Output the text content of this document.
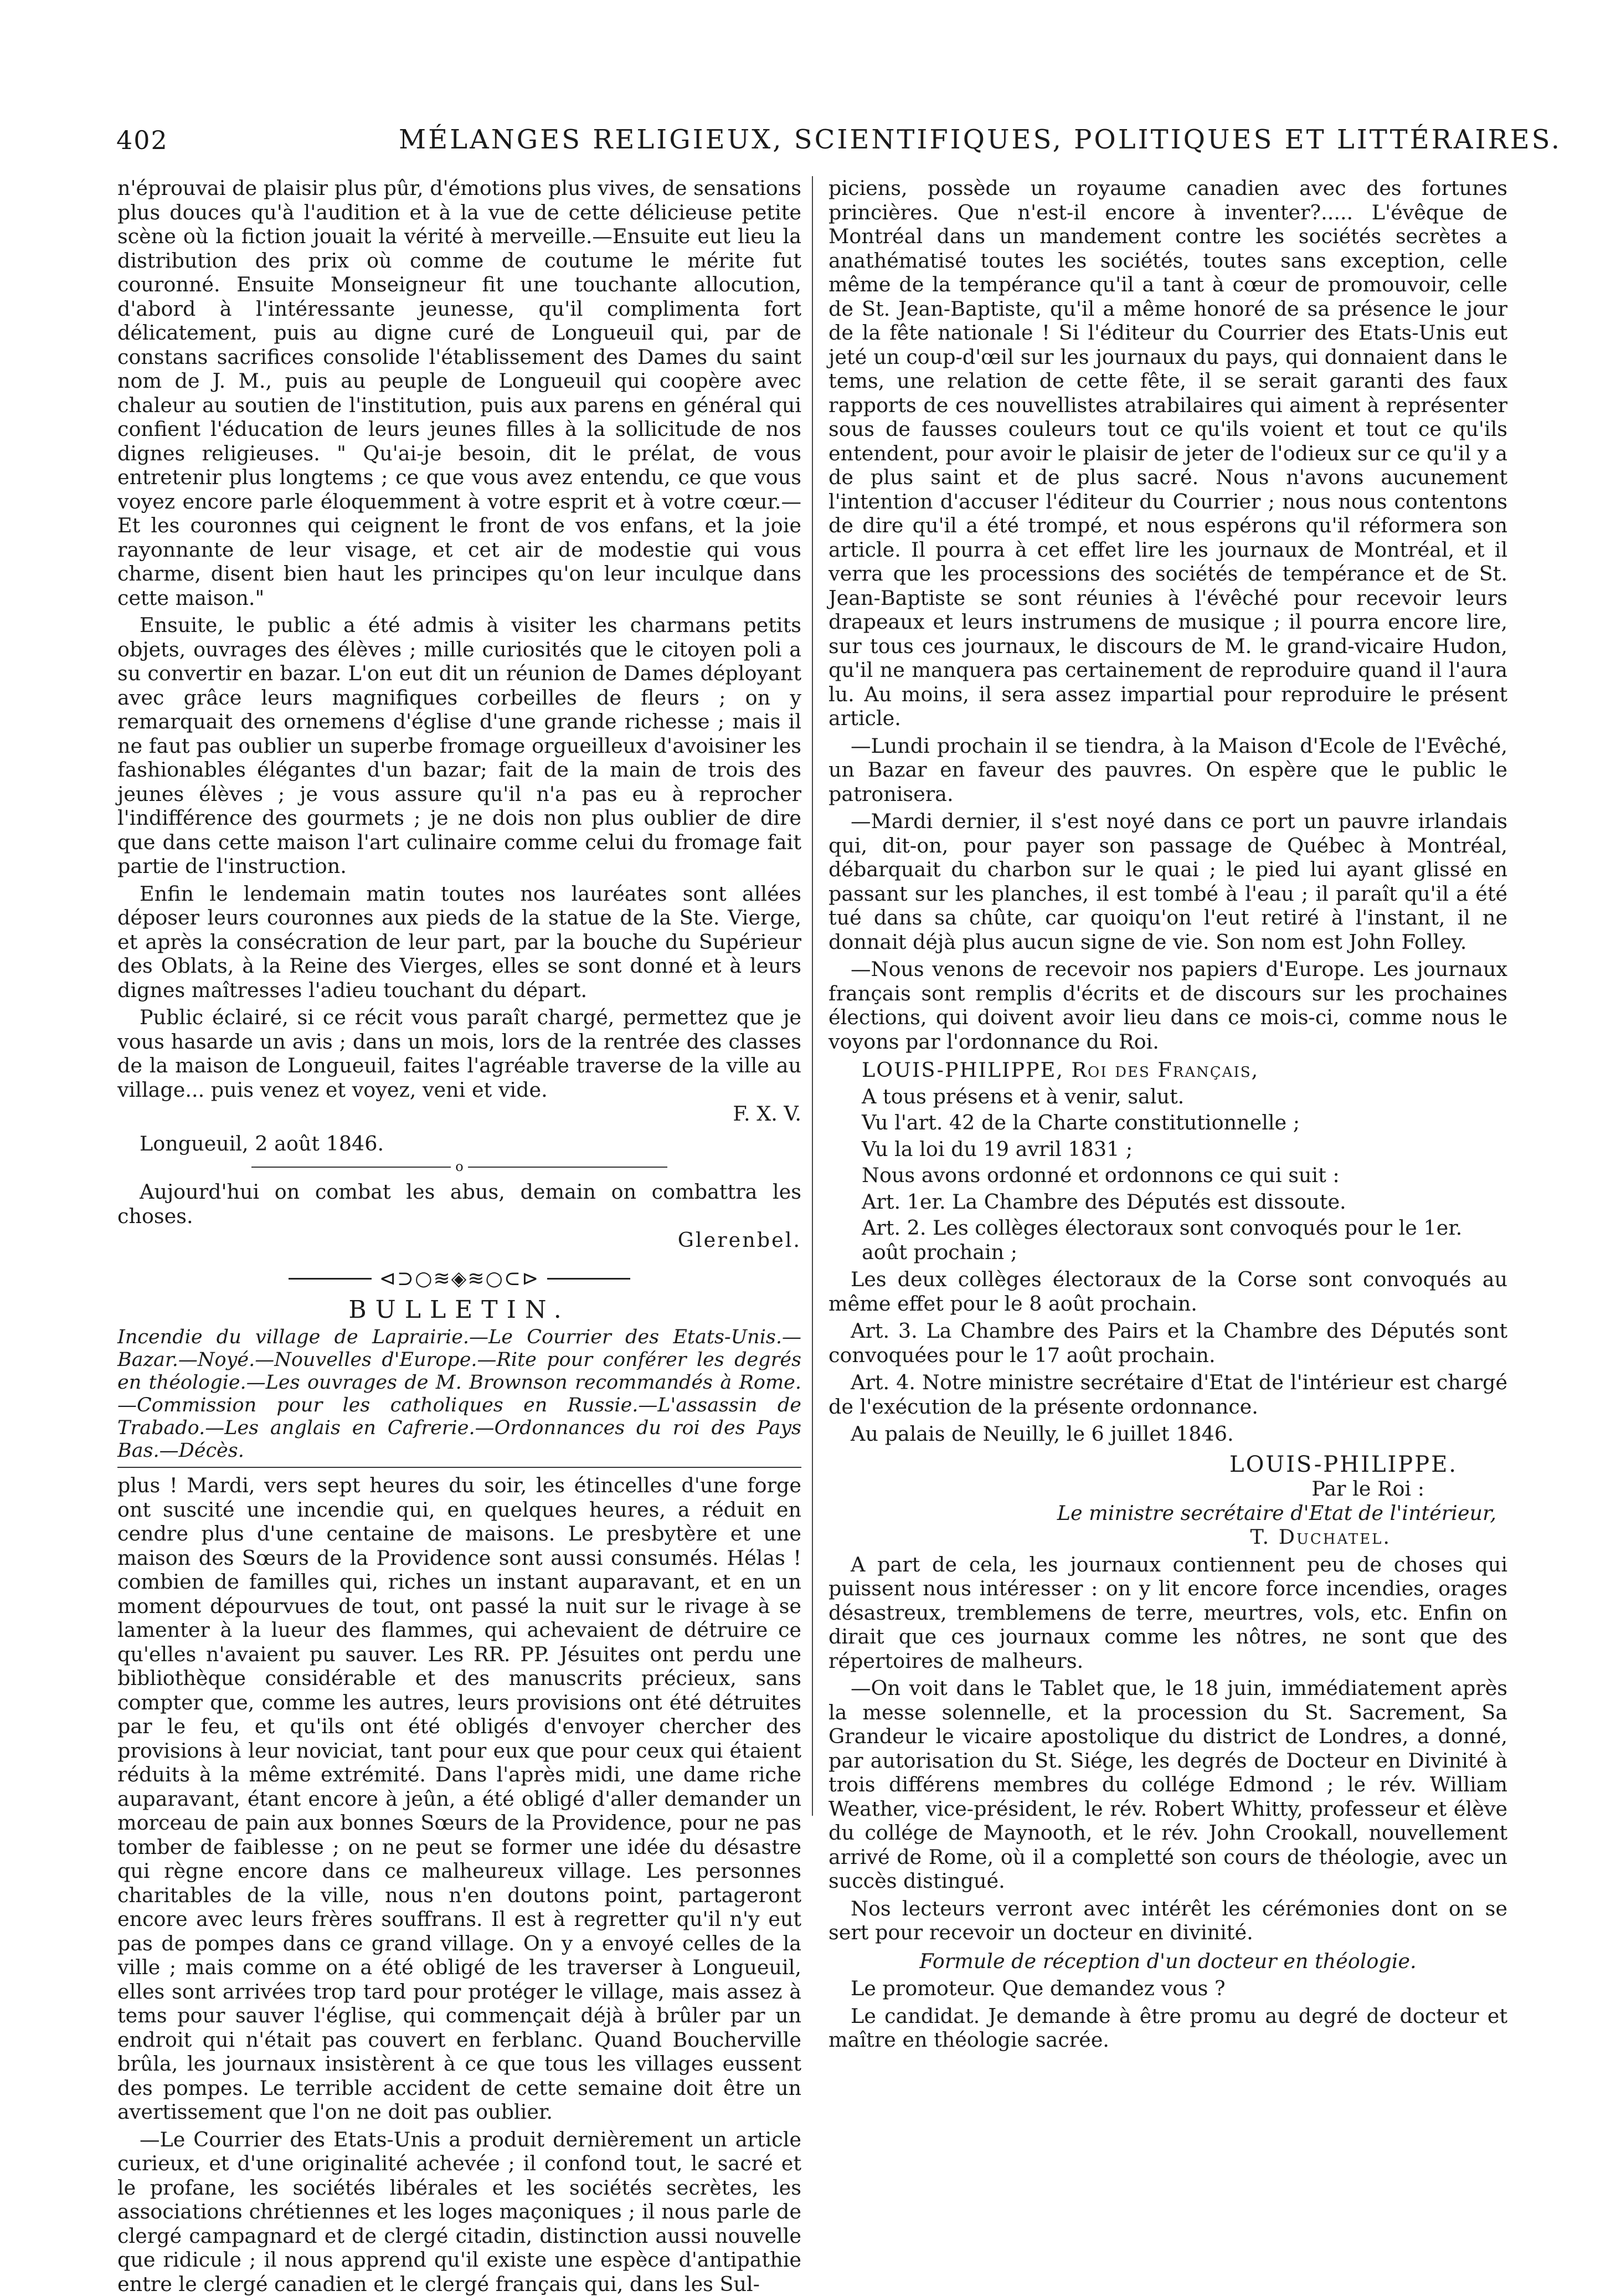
402	MÉLANGES RELIGIEUX, SCIENTIFIQUES, POLITIQUES ET LITTÉRAIRES.

n'éprouvai de plaisir plus pûr, d'émotions plus vives, de sensations plus douces qu'à l'audition et à la vue de cette délicieuse petite scène où la fiction jouait la vérité à merveille.—Ensuite eut lieu la distribution des prix où comme de coutume le mérite fut couronné. Ensuite Monseigneur fit une touchante allocution, d'abord à l'intéressante jeunesse, qu'il complimenta fort délicatement, puis au digne curé de Longueuil qui, par de constans sacrifices consolide l'établissement des Dames du saint nom de J. M., puis au peuple de Longueuil qui coopère avec chaleur au soutien de l'institution, puis aux parens en général qui confient l'éducation de leurs jeunes filles à la sollicitude de nos dignes religieuses. " Qu'ai-je besoin, dit le prélat, de vous entretenir plus longtems ; ce que vous avez entendu, ce que vous voyez encore parle éloquemment à votre esprit et à votre cœur.—Et les couronnes qui ceignent le front de vos enfans, et la joie rayonnante de leur visage, et cet air de modestie qui vous charme, disent bien haut les principes qu'on leur inculque dans cette maison."

Ensuite, le public a été admis à visiter les charmans petits objets, ouvrages des élèves ; mille curiosités que le citoyen poli a su convertir en bazar. L'on eut dit un réunion de Dames déployant avec grâce leurs magnifiques corbeilles de fleurs ; on y remarquait des ornemens d'église d'une grande richesse ; mais il ne faut pas oublier un superbe fromage orgueilleux d'avoisiner les fashionables élégantes d'un bazar; fait de la main de trois des jeunes élèves ; je vous assure qu'il n'a pas eu à reprocher l'indifférence des gourmets ; je ne dois non plus oublier de dire que dans cette maison l'art culinaire comme celui du fromage fait partie de l'instruction.

Enfin le lendemain matin toutes nos lauréates sont allées déposer leurs couronnes aux pieds de la statue de la Ste. Vierge, et après la consécration de leur part, par la bouche du Supérieur des Oblats, à la Reine des Vierges, elles se sont donné et à leurs dignes maîtresses l'adieu touchant du départ.

Public éclairé, si ce récit vous paraît chargé, permettez que je vous hasarde un avis ; dans un mois, lors de la rentrée des classes de la maison de Longueuil, faites l'agréable traverse de la ville au village... puis venez et voyez, veni et vide.

F. X. V.

Longueuil, 2 août 1846.

o

Aujourd'hui on combat les abus, demain on combattra les choses.

Glerenbel.

⊲⊃○≋◈≋○⊂⊳
BULLETIN.

Incendie du village de Laprairie.—Le Courrier des Etats-Unis.—Bazar.—Noyé.—Nouvelles d'Europe.—Rite pour conférer les degrés en théologie.—Les ouvrages de M. Brownson recommandés à Rome.—Commission pour les catholiques en Russie.—L'assassin de Trabado.—Les anglais en Cafrerie.—Ordonnances du roi des Pays Bas.—Décès.

plus ! Mardi, vers sept heures du soir, les étincelles d'une forge ont suscité une incendie qui, en quelques heures, a réduit en cendre plus d'une centaine de maisons. Le presbytère et une maison des Sœurs de la Providence sont aussi consumés. Hélas ! combien de familles qui, riches un instant auparavant, et en un moment dépourvues de tout, ont passé la nuit sur le rivage à se lamenter à la lueur des flammes, qui achevaient de détruire ce qu'elles n'avaient pu sauver. Les RR. PP. Jésuites ont perdu une bibliothèque considérable et des manuscrits précieux, sans compter que, comme les autres, leurs provisions ont été détruites par le feu, et qu'ils ont été obligés d'envoyer chercher des provisions à leur noviciat, tant pour eux que pour ceux qui étaient réduits à la même extrémité. Dans l'après midi, une dame riche auparavant, étant encore à jeûn, a été obligé d'aller demander un morceau de pain aux bonnes Sœurs de la Providence, pour ne pas tomber de faiblesse ; on ne peut se former une idée du désastre qui règne encore dans ce malheureux village. Les personnes charitables de la ville, nous n'en doutons point, partageront encore avec leurs frères souffrans. Il est à regretter qu'il n'y eut pas de pompes dans ce grand village. On y a envoyé celles de la ville ; mais comme on a été obligé de les traverser à Longueuil, elles sont arrivées trop tard pour protéger le village, mais assez à tems pour sauver l'église, qui commençait déjà à brûler par un endroit qui n'était pas couvert en ferblanc. Quand Boucherville brûla, les journaux insistèrent à ce que tous les villages eussent des pompes. Le terrible accident de cette semaine doit être un avertissement que l'on ne doit pas oublier.

—Le Courrier des Etats-Unis a produit dernièrement un article curieux, et d'une originalité achevée ; il confond tout, le sacré et le profane, les sociétés libérales et les sociétés secrètes, les associations chrétiennes et les loges maçoniques ; il nous parle de clergé campagnard et de clergé citadin, distinction aussi nouvelle que ridicule ; il nous apprend qu'il existe une espèce d'antipathie entre le clergé canadien et le clergé français qui, dans les Sul-

piciens, possède un royaume canadien avec des fortunes princières. Que n'est-il encore à inventer?..... L'évêque de Montréal dans un mandement contre les sociétés secrètes a anathématisé toutes les sociétés, toutes sans exception, celle même de la tempérance qu'il a tant à cœur de promouvoir, celle de St. Jean-Baptiste, qu'il a même honoré de sa présence le jour de la fête nationale ! Si l'éditeur du Courrier des Etats-Unis eut jeté un coup-d'œil sur les journaux du pays, qui donnaient dans le tems, une relation de cette fête, il se serait garanti des faux rapports de ces nouvellistes atrabilaires qui aiment à représenter sous de fausses couleurs tout ce qu'ils voient et tout ce qu'ils entendent, pour avoir le plaisir de jeter de l'odieux sur ce qu'il y a de plus saint et de plus sacré. Nous n'avons aucunement l'intention d'accuser l'éditeur du Courrier ; nous nous contentons de dire qu'il a été trompé, et nous espérons qu'il réformera son article. Il pourra à cet effet lire les journaux de Montréal, et il verra que les processions des sociétés de tempérance et de St. Jean-Baptiste se sont réunies à l'évêché pour recevoir leurs drapeaux et leurs instrumens de musique ; il pourra encore lire, sur tous ces journaux, le discours de M. le grand-vicaire Hudon, qu'il ne manquera pas certainement de reproduire quand il l'aura lu. Au moins, il sera assez impartial pour reproduire le présent article.

—Lundi prochain il se tiendra, à la Maison d'Ecole de l'Evêché, un Bazar en faveur des pauvres. On espère que le public le patronisera.

—Mardi dernier, il s'est noyé dans ce port un pauvre irlandais qui, dit-on, pour payer son passage de Québec à Montréal, débarquait du charbon sur le quai ; le pied lui ayant glissé en passant sur les planches, il est tombé à l'eau ; il paraît qu'il a été tué dans sa chûte, car quoiqu'on l'eut retiré à l'instant, il ne donnait déjà plus aucun signe de vie. Son nom est John Folley.

—Nous venons de recevoir nos papiers d'Europe. Les journaux français sont remplis d'écrits et de discours sur les prochaines élections, qui doivent avoir lieu dans ce mois-ci, comme nous le voyons par l'ordonnance du Roi.

LOUIS-PHILIPPE, Roi des Français,

A tous présens et à venir, salut.

Vu l'art. 42 de la Charte constitutionnelle ;

Vu la loi du 19 avril 1831 ;

Nous avons ordonné et ordonnons ce qui suit :

Art. 1er. La Chambre des Députés est dissoute.

Art. 2. Les collèges électoraux sont convoqués pour le 1er. août prochain ;

Les deux collèges électoraux de la Corse sont convoqués au même effet pour le 8 août prochain.

Art. 3. La Chambre des Pairs et la Chambre des Députés sont convoquées pour le 17 août prochain.

Art. 4. Notre ministre secrétaire d'Etat de l'intérieur est chargé de l'exécution de la présente ordonnance.

Au palais de Neuilly, le 6 juillet 1846.

LOUIS-PHILIPPE.

Par le Roi :

Le ministre secrétaire d'Etat de l'intérieur,

T. Duchatel.

A part de cela, les journaux contiennent peu de choses qui puissent nous intéresser : on y lit encore force incendies, orages désastreux, tremblemens de terre, meurtres, vols, etc. Enfin on dirait que ces journaux comme les nôtres, ne sont que des répertoires de malheurs.

—On voit dans le Tablet que, le 18 juin, immédiatement après la messe solennelle, et la procession du St. Sacrement, Sa Grandeur le vicaire apostolique du district de Londres, a donné, par autorisation du St. Siége, les degrés de Docteur en Divinité à trois différens membres du collége Edmond ; le rév. William Weather, vice-président, le rév. Robert Whitty, professeur et élève du collége de Maynooth, et le rév. John Crookall, nouvellement arrivé de Rome, où il a completté son cours de théologie, avec un succès distingué.

Nos lecteurs verront avec intérêt les cérémonies dont on se sert pour recevoir un docteur en divinité.

Formule de réception d'un docteur en théologie.

Le promoteur. Que demandez vous ?

Le candidat. Je demande à être promu au degré de docteur et maître en théologie sacrée.
